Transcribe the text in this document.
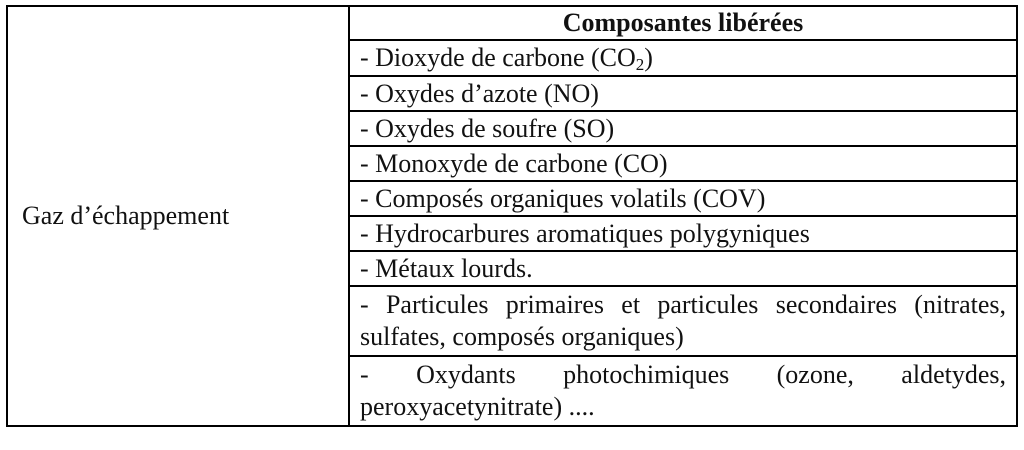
Gaz d’échappement	Composantes libérées
- Dioxyde de carbone $(CO_2)$
- Oxydes d’azote (NO)
- Oxydes de soufre (SO)
- Monoxyde de carbone (CO)
- Composés organiques volatils (COV)
- Hydrocarbures aromatiques polygyniques
- Métaux lourds.
- Particules primaires et particules secondaires (nitrates, sulfates, composés organiques)
- Oxydants photochimiques (ozone, aldetydes, peroxyacetynitrate) ....
